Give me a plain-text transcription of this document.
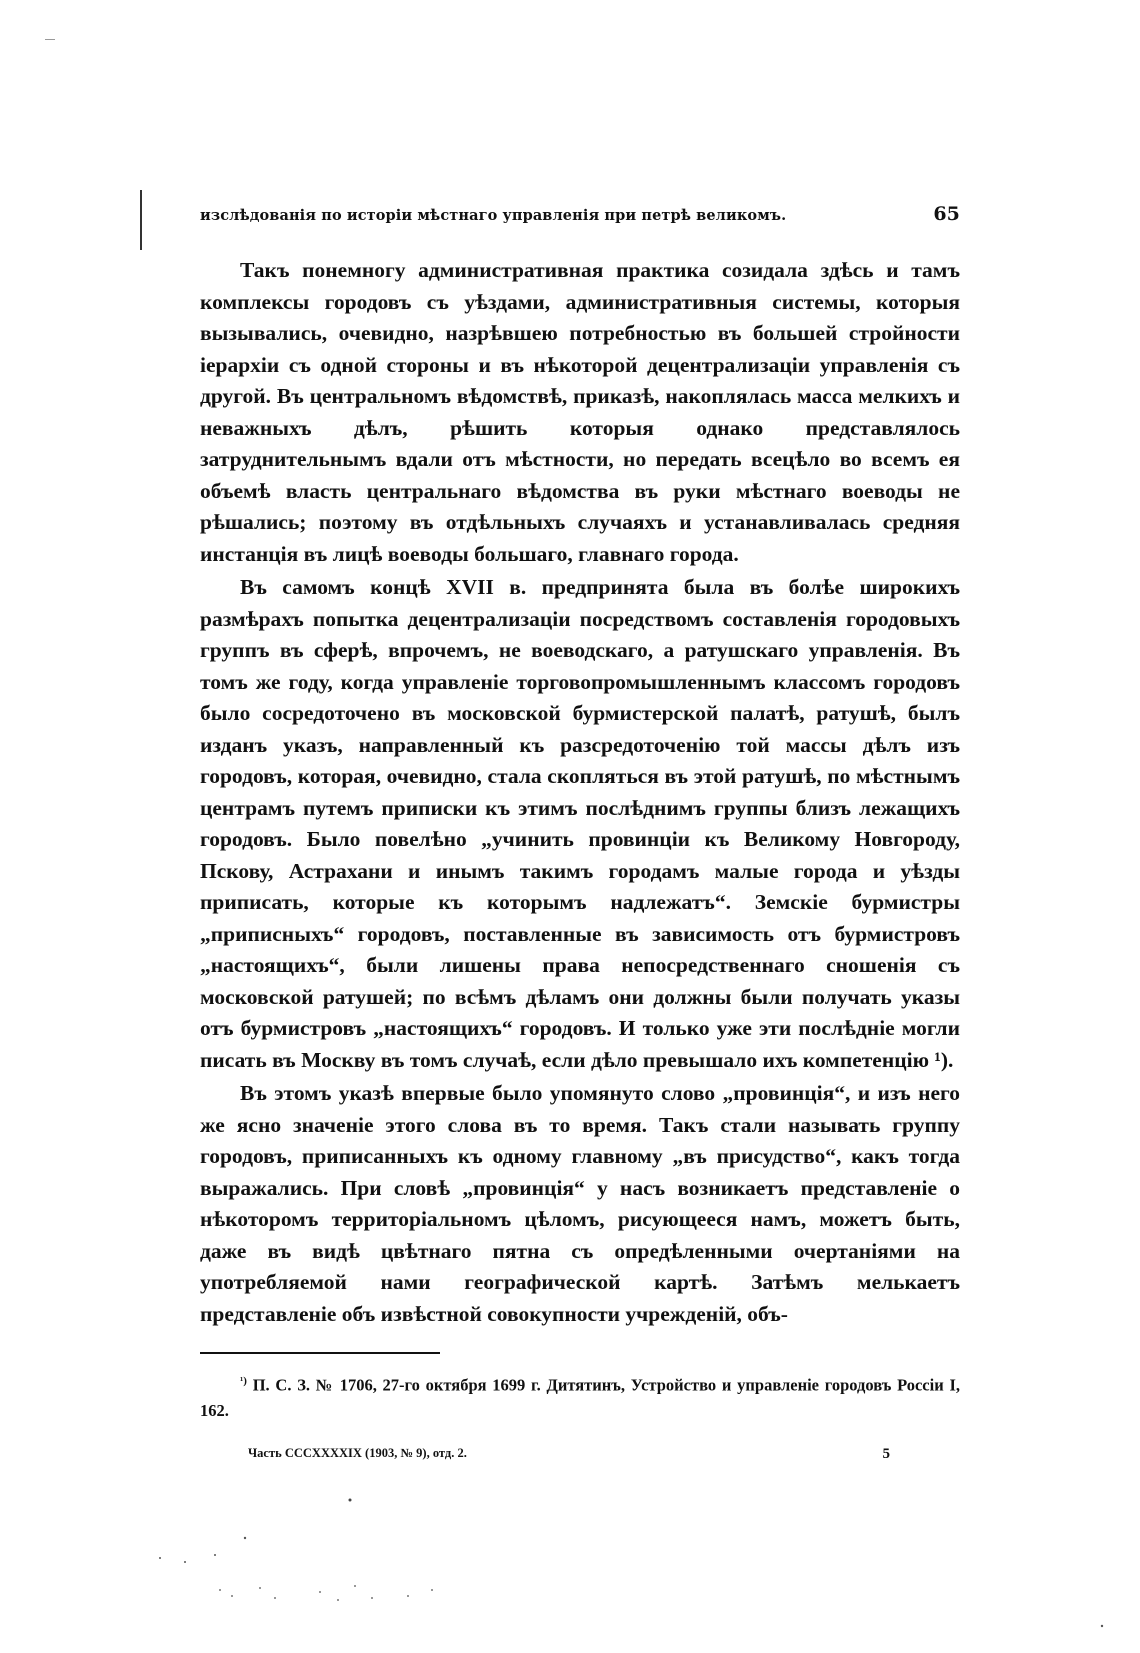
изслѣдованія по исторіи мѣстнаго управленія при петрѣ великомъ.	65

Такъ понемногу административная практика созидала здѣсь и тамъ комплексы городовъ съ уѣздами, административныя системы, которыя вызывались, очевидно, назрѣвшею потребностью въ большей стройности іерархіи съ одной стороны и въ нѣкоторой децентрализаціи управленія съ другой. Въ центральномъ вѣдомствѣ, приказѣ, накоплялась масса мелкихъ и неважныхъ дѣлъ, рѣшить которыя однако представлялось затруднительнымъ вдали отъ мѣстности, но передать всецѣло во всемъ ея объемѣ власть центральнаго вѣдомства въ руки мѣстнаго воеводы не рѣшались; поэтому въ отдѣльныхъ случаяхъ и устанавливалась средняя инстанція въ лицѣ воеводы большаго, главнаго города.

Въ самомъ концѣ XVII в. предпринята была въ болѣе широкихъ размѣрахъ попытка децентрализаціи посредствомъ составленія городовыхъ группъ въ сферѣ, впрочемъ, не воеводскаго, а ратушскаго управленія. Въ томъ же году, когда управленіе торговопромышленнымъ классомъ городовъ было сосредоточено въ московской бурмистерской палатѣ, ратушѣ, былъ изданъ указъ, направленный къ разсредоточенію той массы дѣлъ изъ городовъ, которая, очевидно, стала скопляться въ этой ратушѣ, по мѣстнымъ центрамъ путемъ приписки къ этимъ послѣднимъ группы близъ лежащихъ городовъ. Было повелѣно „учинить провинціи къ Великому Новгороду, Пскову, Астрахани и инымъ такимъ городамъ малые города и уѣзды приписать, которые къ которымъ надлежатъ“. Земскіе бурмистры „приписныхъ“ городовъ, поставленные въ зависимость отъ бурмистровъ „настоящихъ“, были лишены права непосредственнаго сношенія съ московской ратушей; по всѣмъ дѣламъ они должны были получать указы отъ бурмистровъ „настоящихъ“ городовъ. И только уже эти послѣдніе могли писать въ Москву въ томъ случаѣ, если дѣло превышало ихъ компетенцію ¹).

Въ этомъ указѣ впервые было упомянуто слово „провинція“, и изъ него же ясно значеніе этого слова въ то время. Такъ стали называть группу городовъ, приписанныхъ къ одному главному „въ присудство“, какъ тогда выражались. При словѣ „провинція“ у насъ возникаетъ представленіе о нѣкоторомъ территоріальномъ цѣломъ, рисующееся намъ, можетъ быть, даже въ видѣ цвѣтнаго пятна съ опредѣленными очертаніями на употребляемой нами географической картѣ. Затѣмъ мелькаетъ представленіе объ извѣстной совокупности учрежденій, объ-

$^{^1)}$ П. С. З. № 1706, 27-го октября 1699 г. Дитятинъ, Устройство и управленіе городовъ Россіи I, 162.

Часть CCCXXXXIX (1903, № 9), отд. 2.	5
